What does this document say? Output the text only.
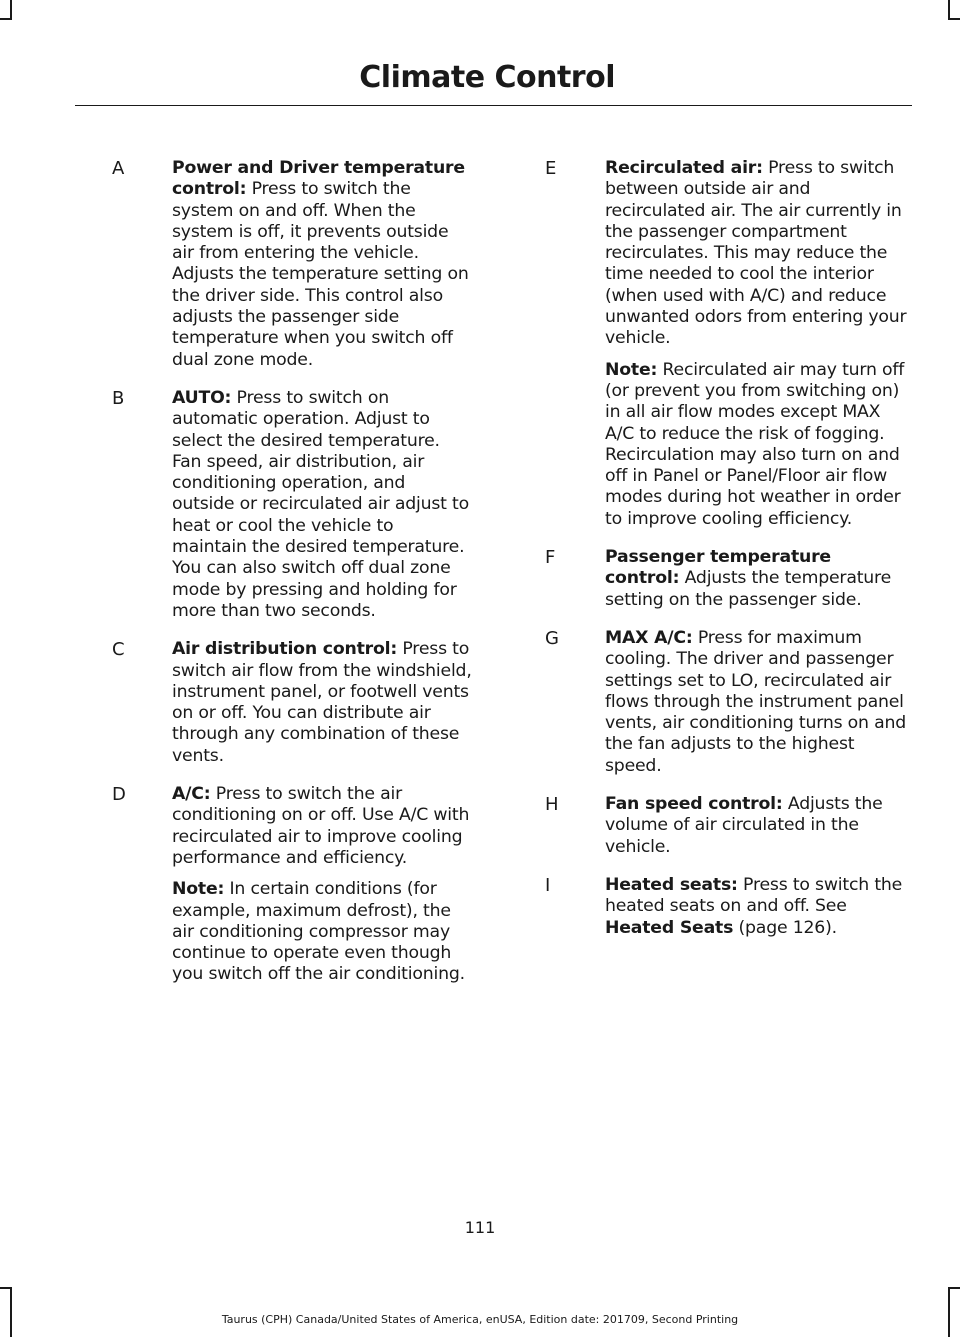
Climate Control
A	Power and Driver temperature control: Press to switch the system on and off. When the system is off, it prevents outside air from entering the vehicle. Adjusts the temperature setting on the driver side. This control also adjusts the passenger side temperature when you switch off dual zone mode.
B	AUTO: Press to switch on automatic operation. Adjust to select the desired temperature. Fan speed, air distribution, air conditioning operation, and outside or recirculated air adjust to heat or cool the vehicle to maintain the desired temperature. You can also switch off dual zone mode by pressing and holding for more than two seconds.
C	Air distribution control: Press to switch air flow from the windshield, instrument panel, or footwell vents on or off. You can distribute air through any combination of these vents.
D	A/C: Press to switch the air conditioning on or off. Use A/C with recirculated air to improve cooling performance and efficiency.
Note: In certain conditions (for example, maximum defrost), the air conditioning compressor may continue to operate even though you switch off the air conditioning.
E	Recirculated air: Press to switch between outside air and recirculated air. The air currently in the passenger compartment recirculates. This may reduce the time needed to cool the interior (when used with A/C) and reduce unwanted odors from entering your vehicle.
Note: Recirculated air may turn off (or prevent you from switching on) in all air flow modes except MAX A/C to reduce the risk of fogging. Recirculation may also turn on and off in Panel or Panel/Floor air flow modes during hot weather in order to improve cooling efficiency.
F	Passenger temperature control: Adjusts the temperature setting on the passenger side.
G	MAX A/C: Press for maximum cooling. The driver and passenger settings set to LO, recirculated air flows through the instrument panel vents, air conditioning turns on and the fan adjusts to the highest speed.
H	Fan speed control: Adjusts the volume of air circulated in the vehicle.
I	Heated seats: Press to switch the heated seats on and off. See Heated Seats (page 126).
111
Taurus (CPH) Canada/United States of America, enUSA, Edition date: 201709, Second Printing
